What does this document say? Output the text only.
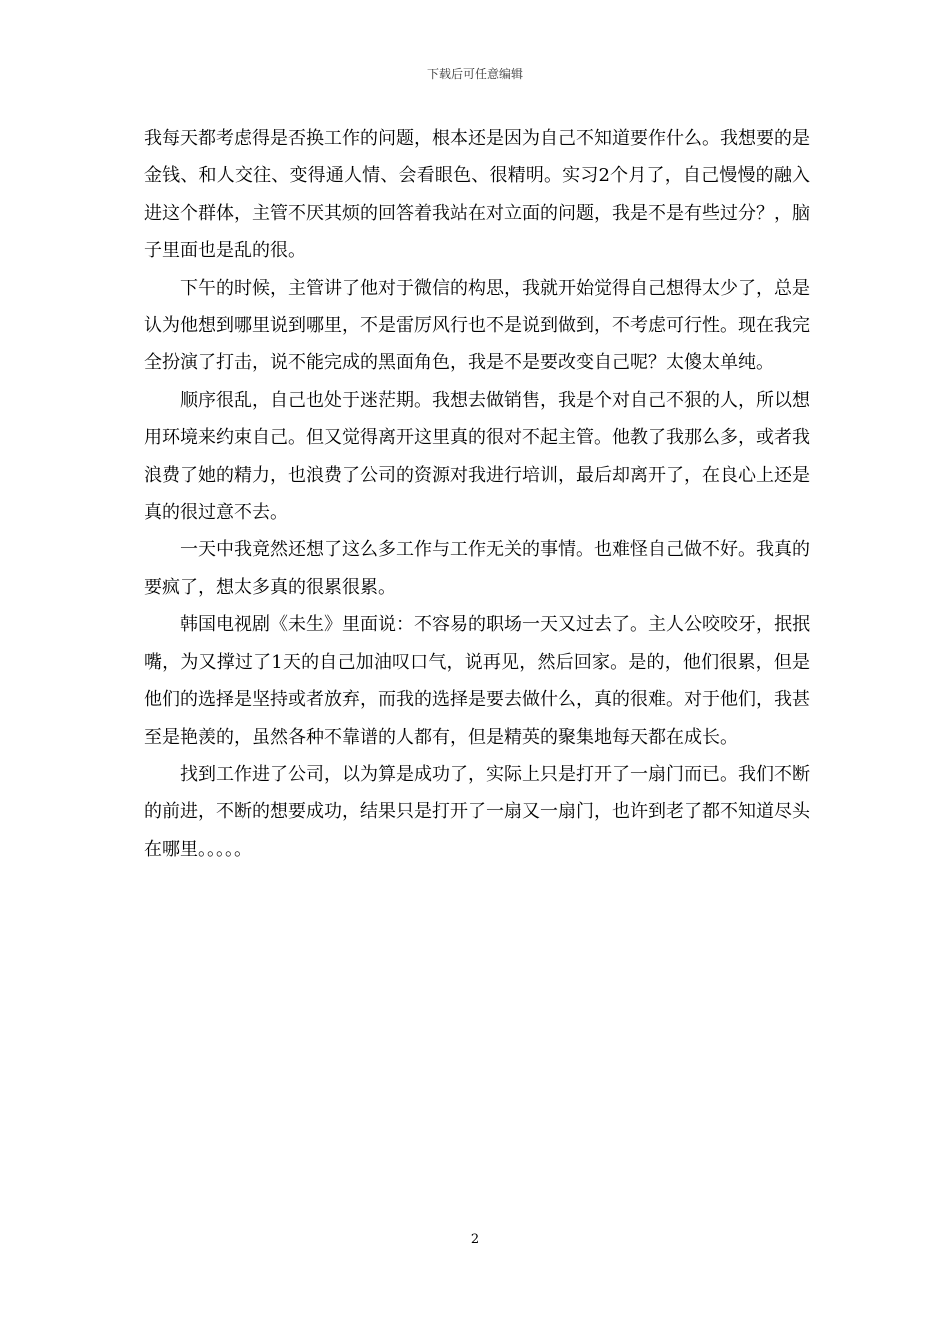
下载后可任意编辑

我每天都考虑得是否换工作的问题，根本还是因为自己不知道要作什么。我想要的是金钱、和人交往、变得通人情、会看眼色、很精明。实习2个月了，自己慢慢的融入进这个群体，主管不厌其烦的回答着我站在对立面的问题，我是不是有些过分？，脑子里面也是乱的很。

下午的时候，主管讲了他对于微信的构思，我就开始觉得自己想得太少了，总是认为他想到哪里说到哪里，不是雷厉风行也不是说到做到，不考虑可行性。现在我完全扮演了打击，说不能完成的黑面角色，我是不是要改变自己呢？太傻太单纯。

顺序很乱，自己也处于迷茫期。我想去做销售，我是个对自己不狠的人，所以想用环境来约束自己。但又觉得离开这里真的很对不起主管。他教了我那么多，或者我浪费了她的精力，也浪费了公司的资源对我进行培训，最后却离开了，在良心上还是真的很过意不去。

一天中我竟然还想了这么多工作与工作无关的事情。也难怪自己做不好。我真的要疯了，想太多真的很累很累。

韩国电视剧《未生》里面说：不容易的职场一天又过去了。主人公咬咬牙，抿抿嘴，为又撑过了1天的自己加油叹口气，说再见，然后回家。是的，他们很累，但是他们的选择是坚持或者放弃，而我的选择是要去做什么，真的很难。对于他们，我甚至是艳羡的，虽然各种不靠谱的人都有，但是精英的聚集地每天都在成长。

找到工作进了公司，以为算是成功了，实际上只是打开了一扇门而已。我们不断的前进，不断的想要成功，结果只是打开了一扇又一扇门，也许到老了都不知道尽头在哪里。。。。。

2
